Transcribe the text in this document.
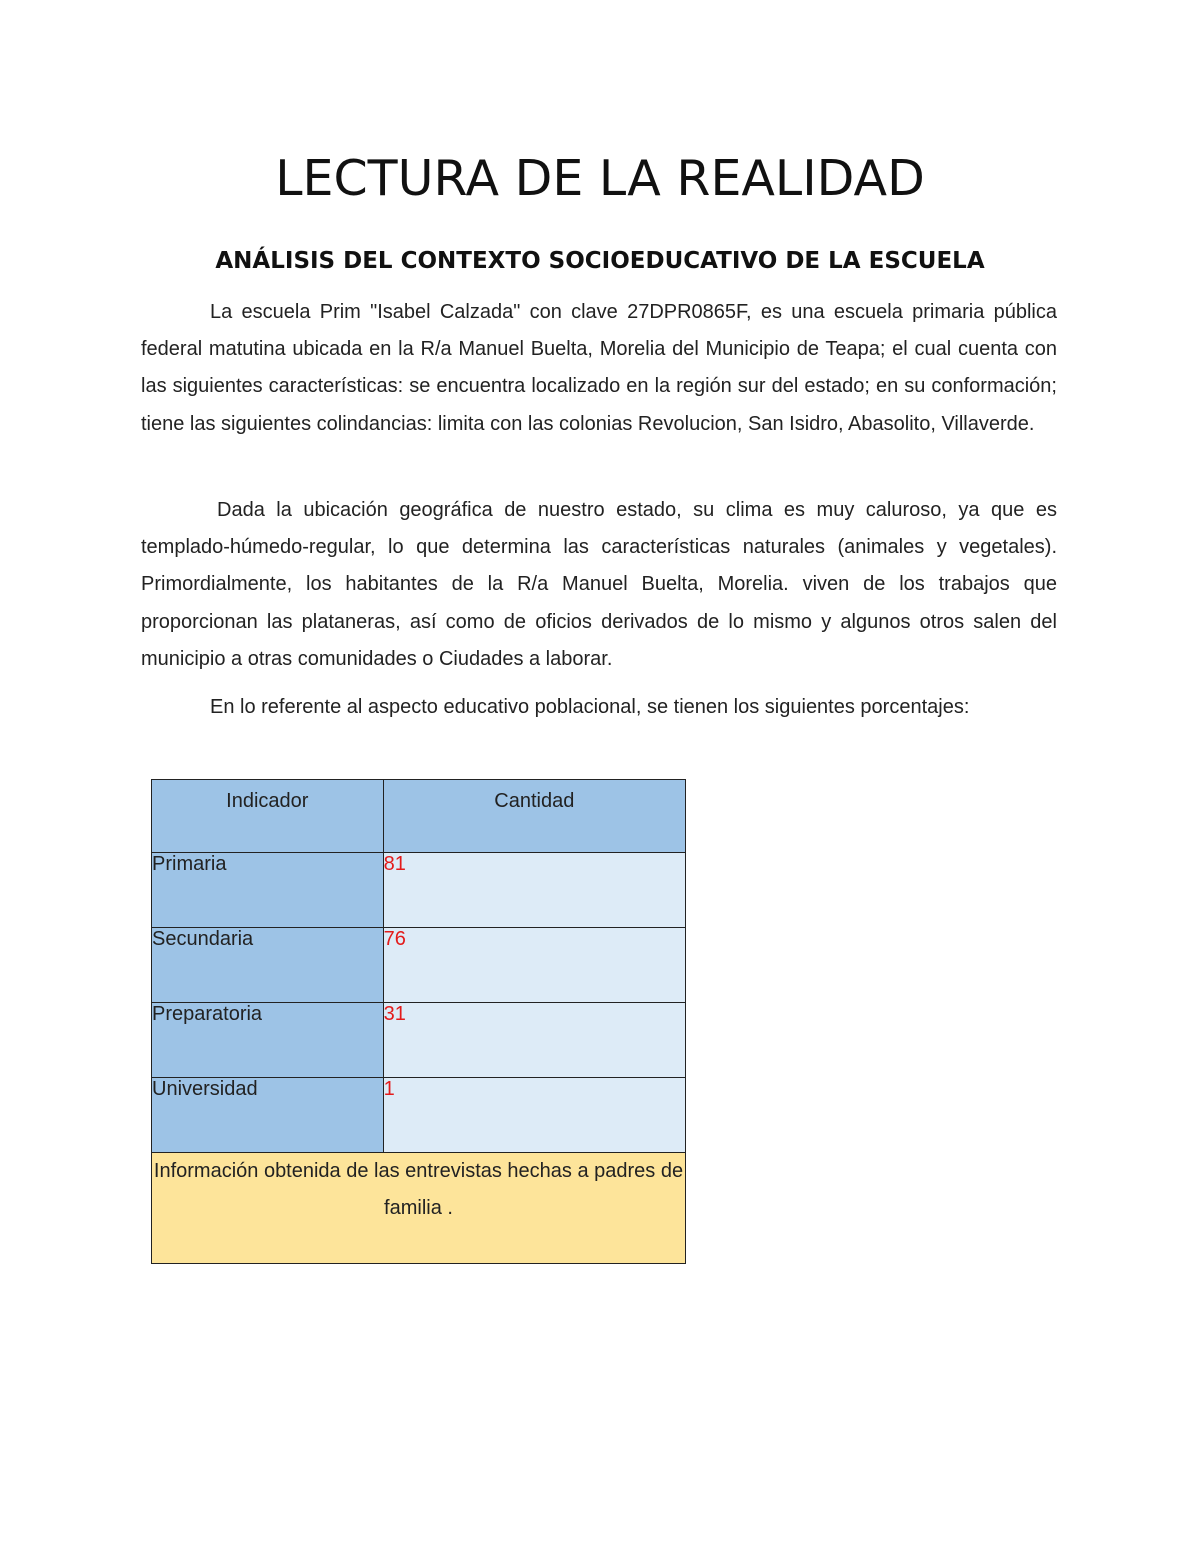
LECTURA DE LA REALIDAD
ANÁLISIS DEL CONTEXTO SOCIOEDUCATIVO DE LA ESCUELA

La escuela Prim "Isabel Calzada" con clave 27DPR0865F, es una escuela primaria pública federal matutina ubicada en la R/a Manuel Buelta, Morelia del Municipio de Teapa; el cual cuenta con las siguientes características: se encuentra localizado en la región sur del estado; en su conformación; tiene las siguientes colindancias: limita con las colonias Revolucion, San Isidro, Abasolito, Villaverde.

Dada la ubicación geográfica de nuestro estado, su clima es muy caluroso, ya que es templado-húmedo-regular, lo que determina las características naturales (animales y vegetales). Primordialmente, los habitantes de la R/a Manuel Buelta, Morelia. viven de los trabajos que proporcionan las plataneras, así como de oficios derivados de lo mismo y algunos otros salen del municipio a otras comunidades o Ciudades a laborar.

En lo referente al aspecto educativo poblacional, se tienen los siguientes porcentajes:

Indicador	Cantidad
Primaria	81
Secundaria	76
Preparatoria	31
Universidad	1
Información obtenida de las entrevistas hechas a padres de familia .	
